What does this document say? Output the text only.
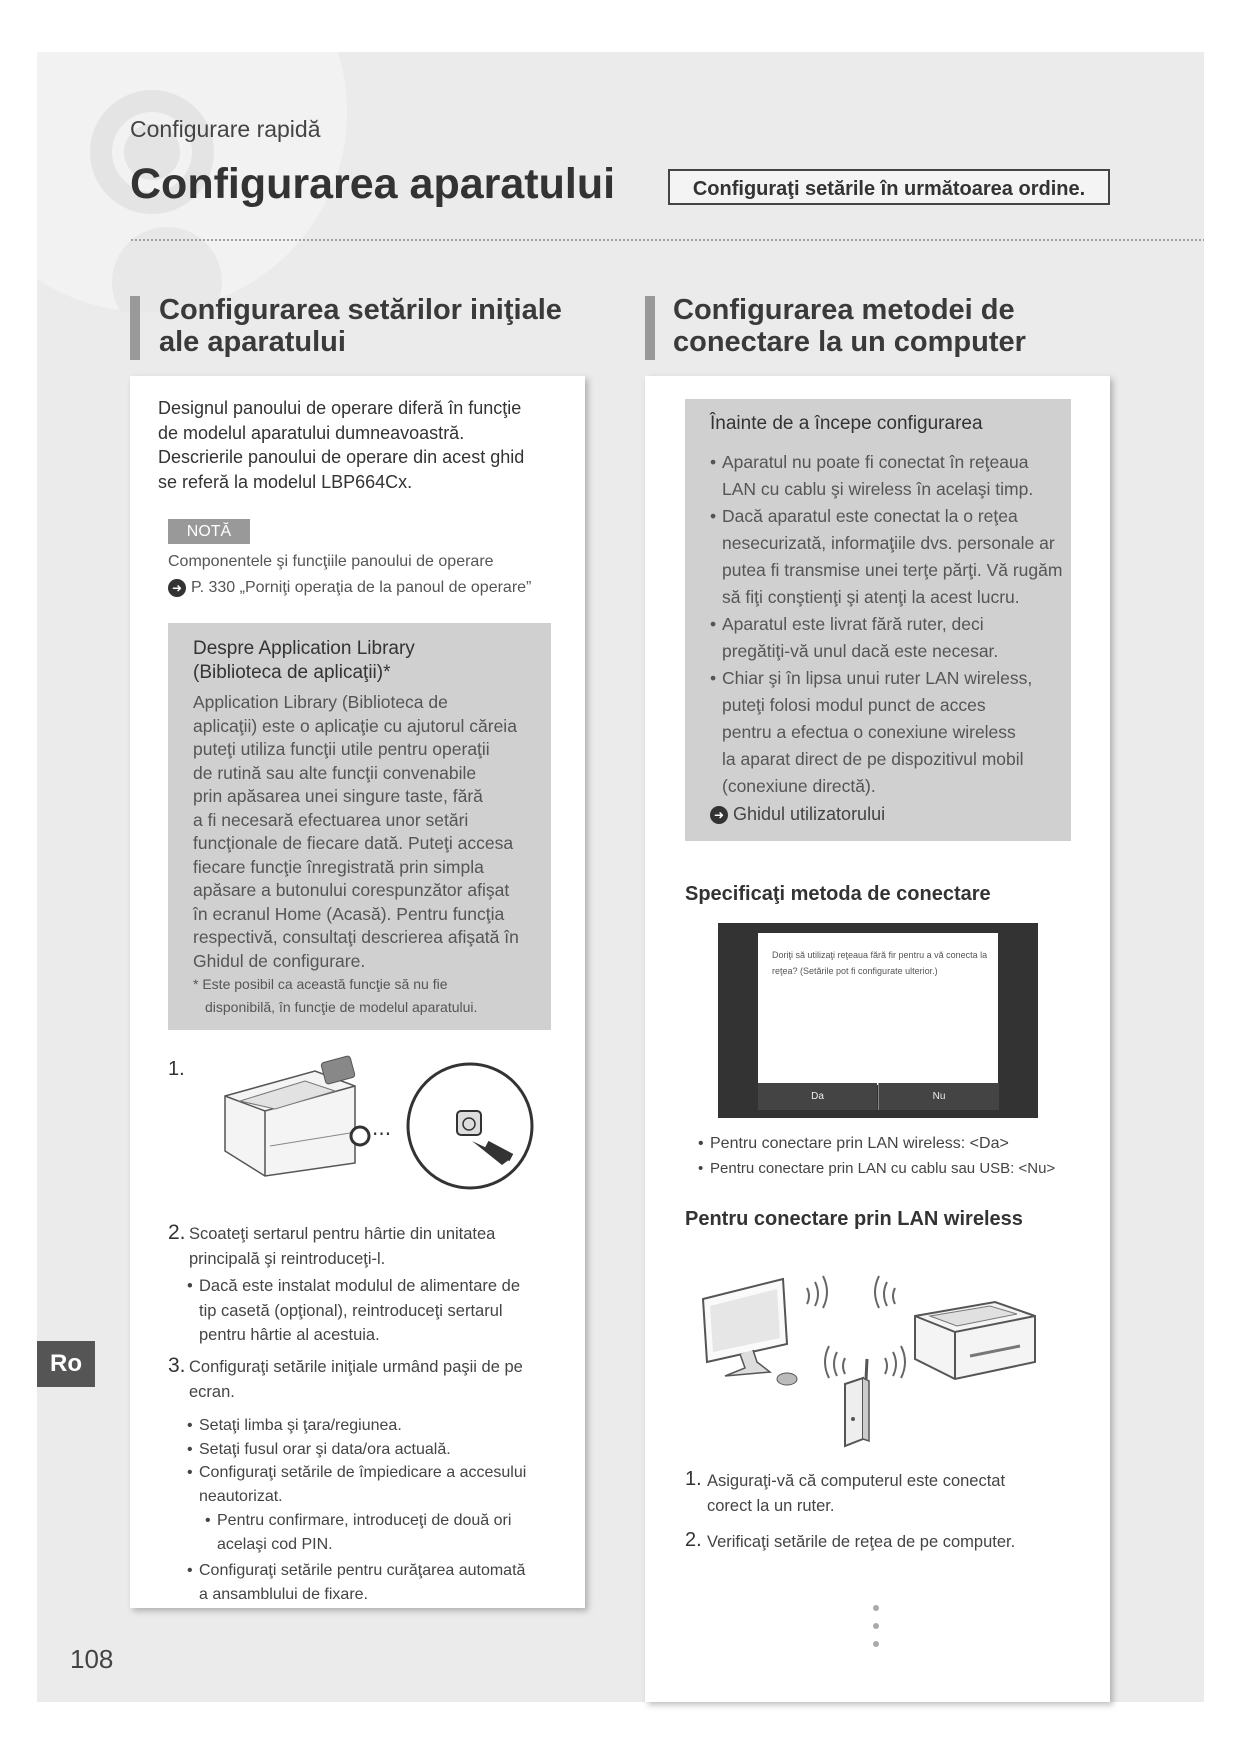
Configurare rapidă
Configurarea aparatului	Configuraţi setările în următoarea ordine.
Configurarea setărilor iniţiale
ale aparatului
Configurarea metodei de
conectare la un computer
Designul panoului de operare diferă în funcţie
de modelul aparatului dumneavoastră.
Descrierile panoului de operare din acest ghid
se referă la modelul LBP664Cx.
NOTĂ
Componentele şi funcţiile panoului de operare
➜ P. 330 „Porniţi operaţia de la panoul de operare”
Despre Application Library
(Biblioteca de aplicaţii)*
Application Library (Biblioteca de
aplicaţii) este o aplicaţie cu ajutorul căreia
puteţi utiliza funcţii utile pentru operaţii
de rutină sau alte funcţii convenabile
prin apăsarea unei singure taste, fără
a fi necesară efectuarea unor setări
funcţionale de fiecare dată. Puteţi accesa
fiecare funcţie înregistrată prin simpla
apăsare a butonului corespunzător afişat
în ecranul Home (Acasă). Pentru funcţia
respectivă, consultaţi descrierea afişată în
Ghidul de configurare.
* Este posibil ca această funcţie să nu fie
disponibilă, în funcţie de modelul aparatului.
1.
···
2. Scoateţi sertarul pentru hârtie din unitatea
principală şi reintroduceţi-l.
• Dacă este instalat modulul de alimentare de
tip casetă (opţional), reintroduceţi sertarul
pentru hârtie al acestuia.
3. Configuraţi setările iniţiale urmând paşii de pe
ecran.
• Setaţi limba şi ţara/regiunea.
• Setaţi fusul orar şi data/ora actuală.
• Configuraţi setările de împiedicare a accesului
neautorizat.
• Pentru confirmare, introduceţi de două ori
acelaşi cod PIN.
• Configuraţi setările pentru curăţarea automată
a ansamblului de fixare.
Înainte de a începe configurarea
• Aparatul nu poate fi conectat în reţeaua
LAN cu cablu şi wireless în acelaşi timp.
• Dacă aparatul este conectat la o reţea
nesecurizată, informaţiile dvs. personale ar
putea fi transmise unei terţe părţi. Vă rugăm
să fiţi conştienţi şi atenţi la acest lucru.
• Aparatul este livrat fără ruter, deci
pregătiţi-vă unul dacă este necesar.
• Chiar şi în lipsa unui ruter LAN wireless,
puteţi folosi modul punct de acces
pentru a efectua o conexiune wireless
la aparat direct de pe dispozitivul mobil
(conexiune directă).
➜ Ghidul utilizatorului
Specificaţi metoda de conectare
Doriţi să utilizaţi reţeaua fără fir pentru a vă conecta la
reţea? (Setările pot fi configurate ulterior.)
Da	Nu
• Pentru conectare prin LAN wireless: <Da>
• Pentru conectare prin LAN cu cablu sau USB: <Nu>
Pentru conectare prin LAN wireless
1. Asiguraţi-vă că computerul este conectat
corect la un ruter.
2. Verificaţi setările de reţea de pe computer.
Ro
108
